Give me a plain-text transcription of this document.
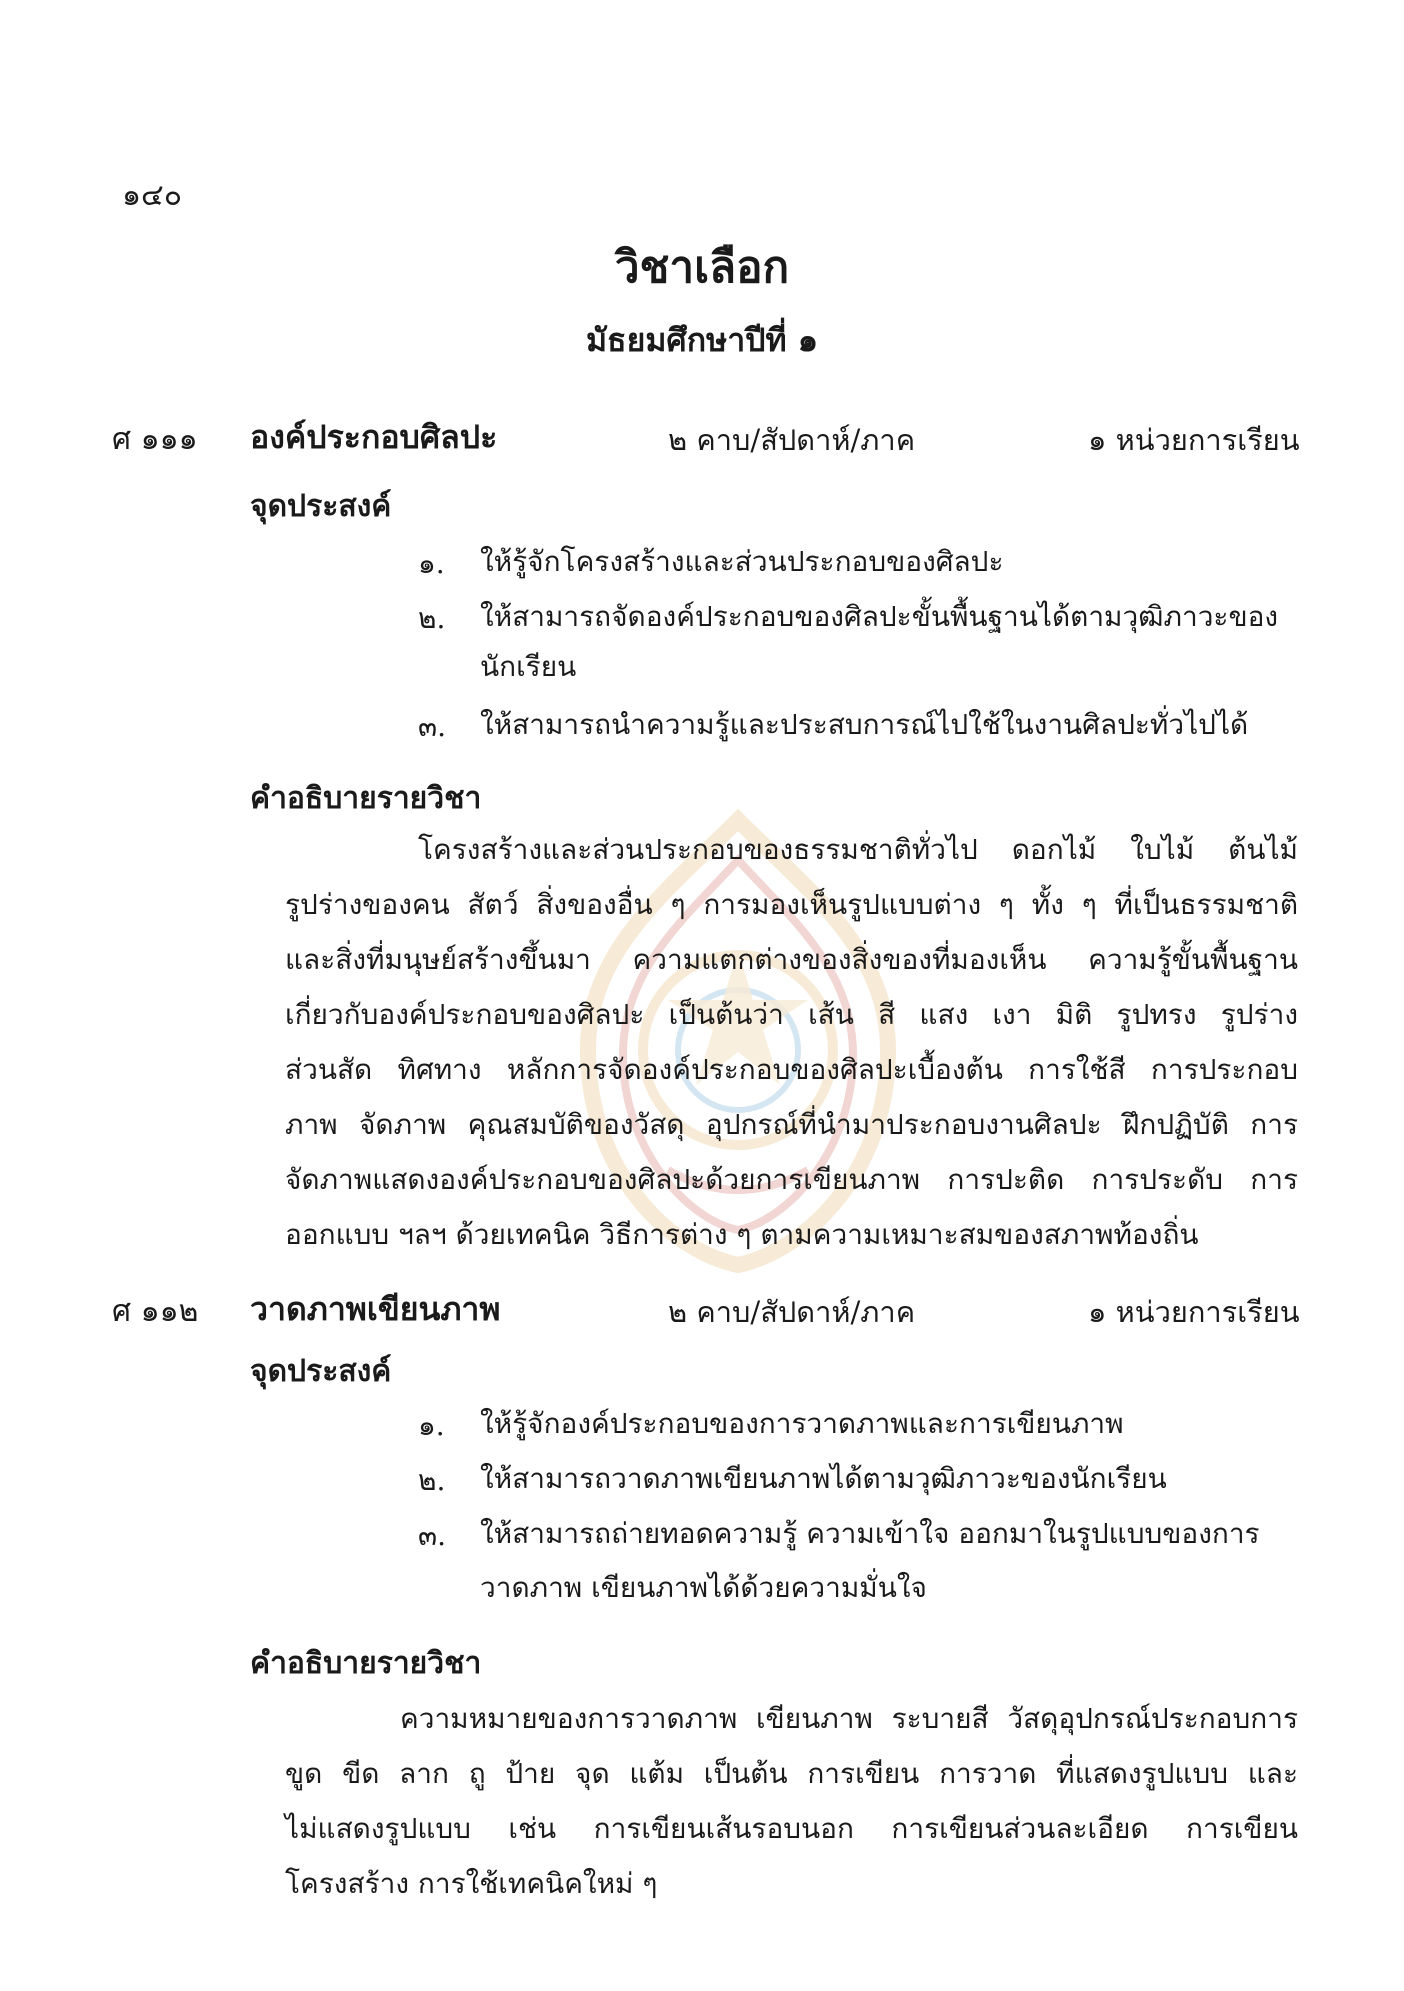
๑๔๐
วิชาเลือก
มัธยมศึกษาปีที่ ๑
ศ ๑๑๑ องค์ประกอบศิลปะ	๒ คาบ/สัปดาห์/ภาค	๑ หน่วยการเรียน
จุดประสงค์
๑. ให้รู้จักโครงสร้างและส่วนประกอบของศิลปะ
๒. ให้สามารถจัดองค์ประกอบของศิลปะขั้นพื้นฐานได้ตามวุฒิภาวะของ
นักเรียน
๓. ให้สามารถนำความรู้และประสบการณ์ไปใช้ในงานศิลปะทั่วไปได้
คำอธิบายรายวิชา
โครงสร้างและส่วนประกอบของธรรมชาติทั่วไป ดอกไม้ ใบไม้ ต้นไม้
รูปร่างของคน สัตว์ สิ่งของอื่น ๆ การมองเห็นรูปแบบต่าง ๆ ทั้ง ๆ ที่เป็นธรรมชาติ
และสิ่งที่มนุษย์สร้างขึ้นมา ความแตกต่างของสิ่งของที่มองเห็น ความรู้ขั้นพื้นฐาน
เกี่ยวกับองค์ประกอบของศิลปะ เป็นต้นว่า เส้น สี แสง เงา มิติ รูปทรง รูปร่าง
ส่วนสัด ทิศทาง หลักการจัดองค์ประกอบของศิลปะเบื้องต้น การใช้สี การประกอบ
ภาพ จัดภาพ คุณสมบัติของวัสดุ อุปกรณ์ที่นำมาประกอบงานศิลปะ ฝึกปฏิบัติ การ
จัดภาพแสดงองค์ประกอบของศิลปะด้วยการเขียนภาพ การปะติด การประดับ การ
ออกแบบ ฯลฯ ด้วยเทคนิค วิธีการต่าง ๆ ตามความเหมาะสมของสภาพท้องถิ่น
ศ ๑๑๒ วาดภาพเขียนภาพ	๒ คาบ/สัปดาห์/ภาค	๑ หน่วยการเรียน
จุดประสงค์
๑. ให้รู้จักองค์ประกอบของการวาดภาพและการเขียนภาพ
๒. ให้สามารถวาดภาพเขียนภาพได้ตามวุฒิภาวะของนักเรียน
๓. ให้สามารถถ่ายทอดความรู้ ความเข้าใจ ออกมาในรูปแบบของการ
วาดภาพ เขียนภาพได้ด้วยความมั่นใจ
คำอธิบายรายวิชา
ความหมายของการวาดภาพ เขียนภาพ ระบายสี วัสดุอุปกรณ์ประกอบการ
ขูด ขีด ลาก ถู ป้าย จุด แต้ม เป็นต้น การเขียน การวาด ที่แสดงรูปแบบ และ
ไม่แสดงรูปแบบ เช่น การเขียนเส้นรอบนอก การเขียนส่วนละเอียด การเขียน
โครงสร้าง การใช้เทคนิคใหม่ ๆ
